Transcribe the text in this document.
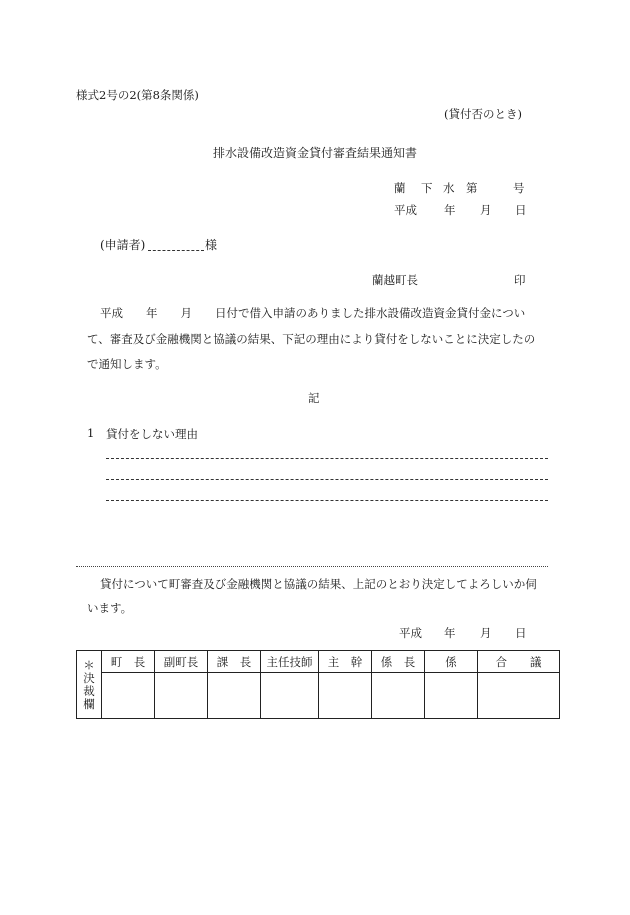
様式2号の2(第8条関係)
(貸付否のとき)
排水設備改造資金貸付審査結果通知書
蘭 下 水 第	号
平成 年 月 日
(申請者)	様
蘭越町長	印
平成　　年　　月　　日付で借入申請のありました排水設備改造資金貸付金につい
て、審査及び金融機関と協議の結果、下記の理由により貸付をしないことに決定したの
で通知します。
記
1 貸付をしない理由
貸付について町審査及び金融機関と協議の結果、上記のとおり決定してよろしいか伺
います。
平成 年 月 日
＊
決
裁
欄	町　長	副町長	課　長	主任技師	主　幹	係　長	係	合　　議
